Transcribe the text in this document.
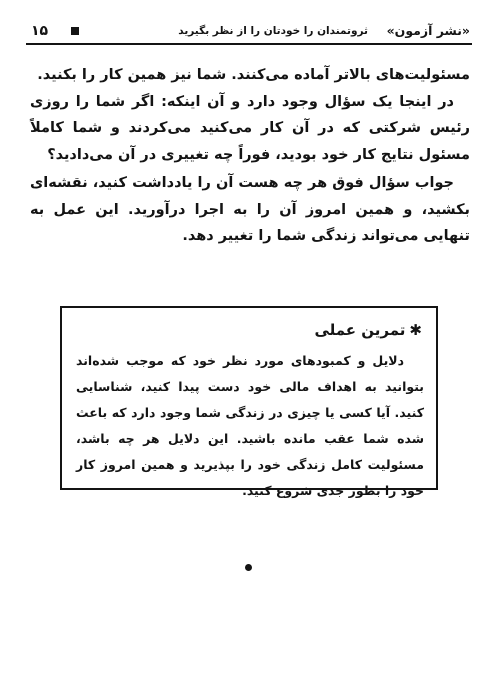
«نشر آزمون»
ثروتمندان را خودتان را از نظر بگیرید
۱۵

مسئولیت‌های بالاتر آماده می‌کنند. شما نیز همین کار را بکنید.

در اینجا یک سؤال وجود دارد و آن اینکه: اگر شما را روزی رئیس شرکتی که در آن کار می‌کنید می‌کردند و شما کاملاً مسئول نتایج کار خود بودید، فوراً چه تغییری در آن می‌دادید؟

جواب سؤال فوق هر چه هست آن را یادداشت کنید، نقشه‌ای بکشید، و همین امروز آن را به اجرا درآورید. این عمل به تنهایی می‌تواند زندگی شما را تغییر دهد.

✱تمرین عملی

دلایل و کمبودهای مورد نظر خود که موجب شده‌اند بتوانید به اهداف مالی خود دست پیدا کنید، شناسایی کنید. آیا کسی یا چیزی در زندگی شما وجود دارد که باعث شده شما عقب مانده باشید. این دلایل هر چه باشد، مسئولیت کامل زندگی خود را بپذیرید و همین امروز کار خود را بطور جدی شروع کنید.
